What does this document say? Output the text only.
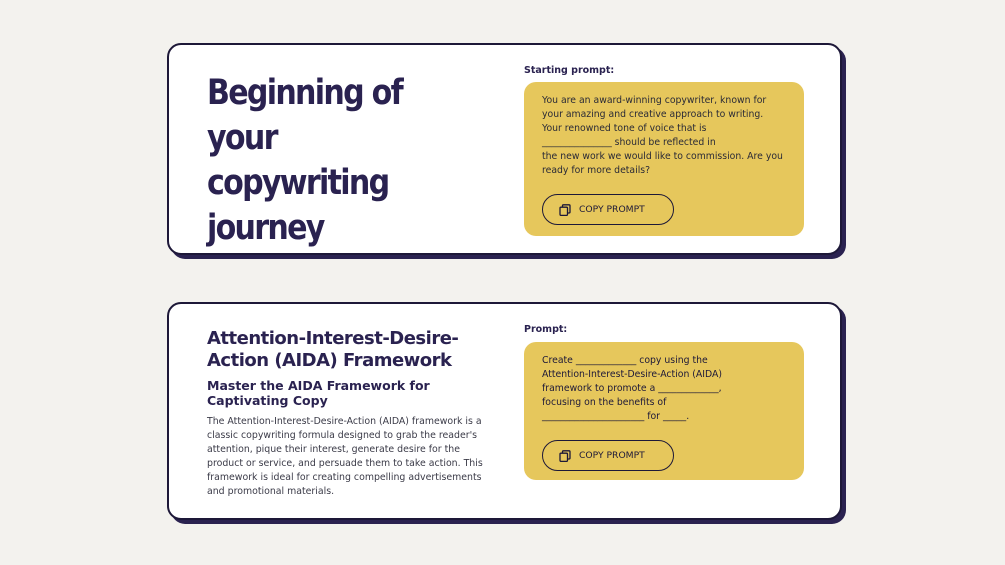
Beginning of your copywriting journey
Starting prompt:
You are an award-winning copywriter, known for
your amazing and creative approach to writing.
Your renowned tone of voice that is
_______________ should be reflected in
the new work we would like to commission. Are you
ready for more details?
COPY PROMPT
Attention-Interest-Desire-Action (AIDA) Framework
Master the AIDA Framework for Captivating Copy

The Attention-Interest-Desire-Action (AIDA) framework is a classic copywriting formula designed to grab the reader's attention, pique their interest, generate desire for the product or service, and persuade them to take action. This framework is ideal for creating compelling advertisements and promotional materials.

Prompt:
Create _____________ copy using the
Attention-Interest-Desire-Action (AIDA)
framework to promote a _____________,
focusing on the benefits of
______________________ for _____.
COPY PROMPT
